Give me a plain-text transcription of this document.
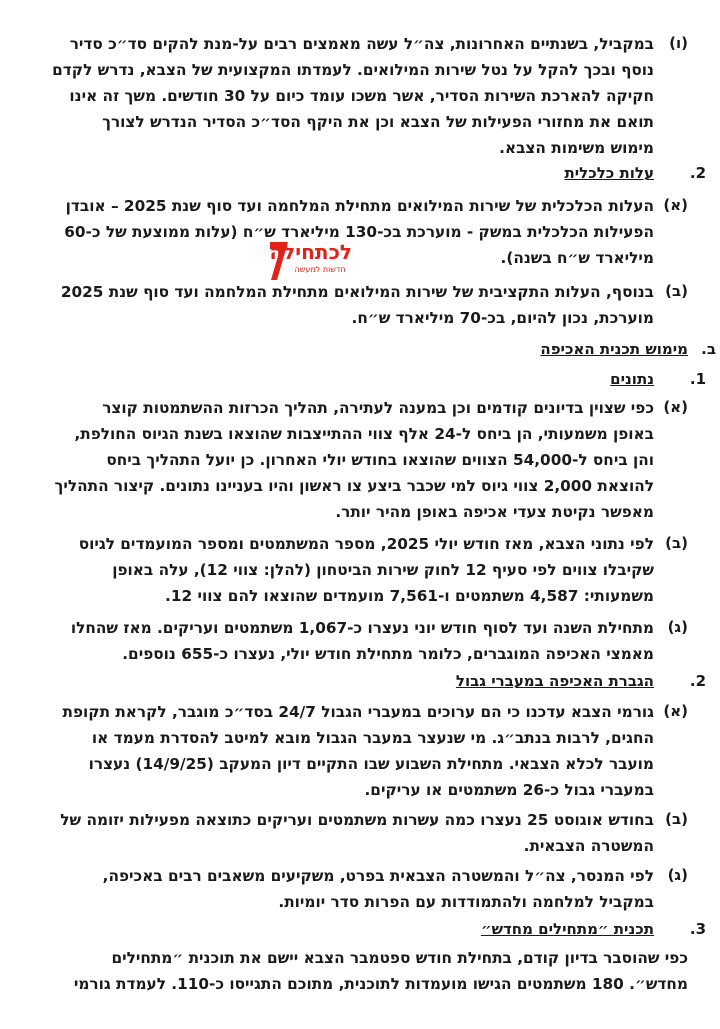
(ו)
במקביל, בשנתיים האחרונות, צה״ל עשה מאמצים רבים על-מנת להקים סד״כ סדיר
נוסף ובכך להקל על נטל שירות המילואים. לעמדתו המקצועית של הצבא, נדרש לקדם
חקיקה להארכת השירות הסדיר, אשר משכו עומד כיום על 30 חודשים. משך זה אינו
תואם את מחזורי הפעילות של הצבא וכן את היקף הסד״כ הסדיר הנדרש לצורך
מימוש משימות הצבא.
2.
עלות כלכלית
(א)
העלות הכלכלית של שירות המילואים מתחילת המלחמה ועד סוף שנת 2025 – אובדן
הפעילות הכלכלית במשק - מוערכת בכ-130 מיליארד ש״ח (עלות ממוצעת של כ-60
מיליארד ש״ח בשנה).
(ב)
בנוסף, העלות התקציבית של שירות המילואים מתחילת המלחמה ועד סוף שנת 2025
מוערכת, נכון להיום, בכ-70 מיליארד ש״ח.
ב.
מימוש תכנית האכיפה
1.
נתונים
(א)
כפי שצוין בדיונים קודמים וכן במענה לעתירה, תהליך הכרזות ההשתמטות קוצר
באופן משמעותי, הן ביחס ל-24 אלף צווי ההתייצבות שהוצאו בשנת הגיוס החולפת,
והן ביחס ל-54,000 הצווים שהוצאו בחודש יולי האחרון. כן יועל התהליך ביחס
להוצאת 2,000 צווי גיוס למי שכבר ביצע צו ראשון והיו בעניינו נתונים. קיצור התהליך
מאפשר נקיטת צעדי אכיפה באופן מהיר יותר.
(ב)
לפי נתוני הצבא, מאז חודש יולי 2025, מספר המשתמטים ומספר המועמדים לגיוס
שקיבלו צווים לפי סעיף 12 לחוק שירות הביטחון (להלן: צווי 12), עלה באופן
משמעותי: 4,587 משתמטים ו-7,561 מועמדים שהוצאו להם צווי 12.
(ג)
מתחילת השנה ועד לסוף חודש יוני נעצרו כ-1,067 משתמטים ועריקים. מאז שהחלו
מאמצי האכיפה המוגברים, כלומר מתחילת חודש יולי, נעצרו כ-655 נוספים.
2.
הגברת האכיפה במעברי גבול
(א)
גורמי הצבא עדכנו כי הם ערוכים במעברי הגבול 24/7 בסד״כ מוגבר, לקראת תקופת
החגים, לרבות בנתב״ג. מי שנעצר במעבר הגבול מובא למיטב להסדרת מעמד או
מועבר לכלא הצבאי. מתחילת השבוע שבו התקיים דיון המעקב (14/9/25) נעצרו
במעברי גבול כ-26 משתמטים או עריקים.
(ב)
בחודש אוגוסט 25 נעצרו כמה עשרות משתמטים ועריקים כתוצאה מפעילות יזומה של
המשטרה הצבאית.
(ג)
לפי המנסר, צה״ל והמשטרה הצבאית בפרט, משקיעים משאבים רבים באכיפה,
במקביל למלחמה ולהתמודדות עם הפרות סדר יומיות.
3.
תכנית ״מתחילים מחדש״
כפי שהוסבר בדיון קודם, בתחילת חודש ספטמבר הצבא יישם את תוכנית ״מתחילים
מחדש״. 180 משתמטים הגישו מועמדות לתוכנית, מתוכם התגייסו כ-110. לעמדת גורמי
לכתחילה
חדשות למעשה
